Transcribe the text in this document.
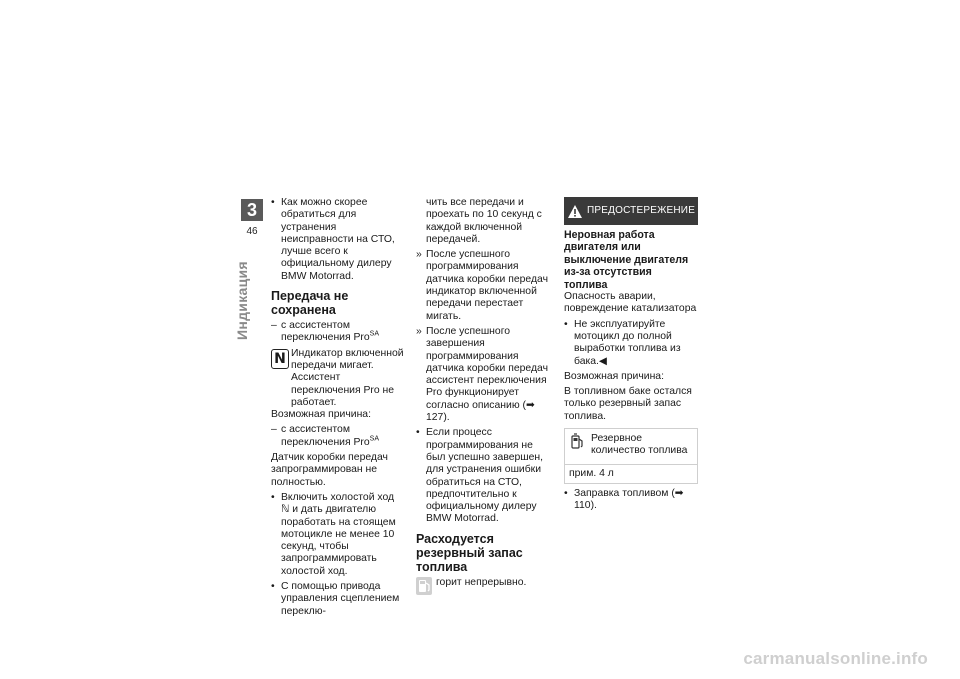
3
46
Индикация
• Как можно скорее обратиться для устранения неисправности на СТО, лучше всего к официальному дилеру BMW Motorrad.
Передача не сохранена
– с ассистентом переключения Pro$^{SA}$
N Индикатор включенной передачи мигает. Ассистент переключения Pro не работает.

Возможная причина:

– с ассистентом переключения Pro$^{SA}$

Датчик коробки передач запрограммирован не полностью.

• Включить холостой ход ℕ и дать двигателю поработать на стоящем мотоцикле не менее 10 секунд, чтобы запрограммировать холостой ход.
• С помощью привода управления сцеплением переклю-

чить все передачи и проехать по 10 секунд с каждой включенной передачей.

» После успешного программирования датчика коробки передач индикатор включенной передачи перестает мигать.
» После успешного завершения программирования датчика коробки передач ассистент переключения Pro функционирует согласно описанию (➡ 127).
• Если процесс программирования не был успешно завершен, для устранения ошибки обратиться на СТО, предпочтительно к официальному дилеру BMW Motorrad.
Расходуется резервный запас топлива
горит непрерывно.
ПРЕДОСТЕРЕЖЕНИЕ
Неровная работа двигателя или выключение двигателя из-за отсутствия топлива

Опасность аварии, повреждение катализатора

• Не эксплуатируйте мотоцикл до полной выработки топлива из бака.◀

Возможная причина:

В топливном баке остался только резервный запас топлива.

Резервное количество топлива
прим. 4 л
• Заправка топливом (➡ 110).
carmanualsonline.info
